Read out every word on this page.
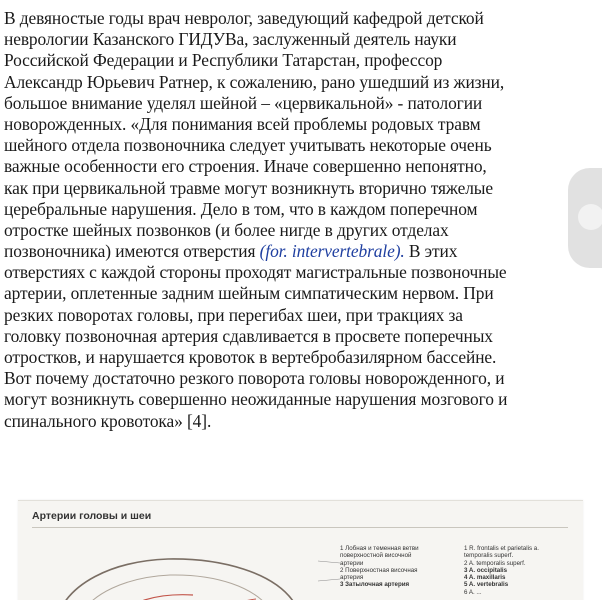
В девяностые годы врач невролог, заведующий кафедрой детской
неврологии Казанского ГИДУВа, заслуженный деятель науки
Российской Федерации и Республики Татарстан, профессор
Александр Юрьевич Ратнер, к сожалению, рано ушедший из жизни,
большое внимание уделял шейной – «цервикальной» - патологии
новорожденных. «Для понимания всей проблемы родовых травм
шейного отдела позвоночника следует учитывать некоторые очень
важные особенности его строения. Иначе совершенно непонятно,
как при цервикальной травме могут возникнуть вторично тяжелые
церебральные нарушения. Дело в том, что в каждом поперечном
отростке шейных позвонков (и более нигде в других отделах
позвоночника) имеются отверстия (for. intervertebrale). В этих
отверстиях с каждой стороны проходят магистральные позвоночные
артерии, оплетенные задним шейным симпатическим нервом. При
резких поворотах головы, при перегибах шеи, при тракциях за
головку позвоночная артерия сдавливается в просвете поперечных
отростков, и нарушается кровоток в вертебробазилярном бассейне.
Вот почему достаточно резкого поворота головы новорожденного, и
могут возникнуть совершенно неожиданные нарушения мозгового и
спинального кровотока» [4].
Артерии головы и шеи
1 Лобная и теменная ветви
поверхностной височной
артерии
2 Поверхностная височная
артерия
3 Затылочная артерия
1 R. frontalis et parietalis a.
temporalis superf.
2 A. temporalis superf.
3 A. occipitalis
4 A. maxillaris
5 A. vertebralis
6 A. ...
